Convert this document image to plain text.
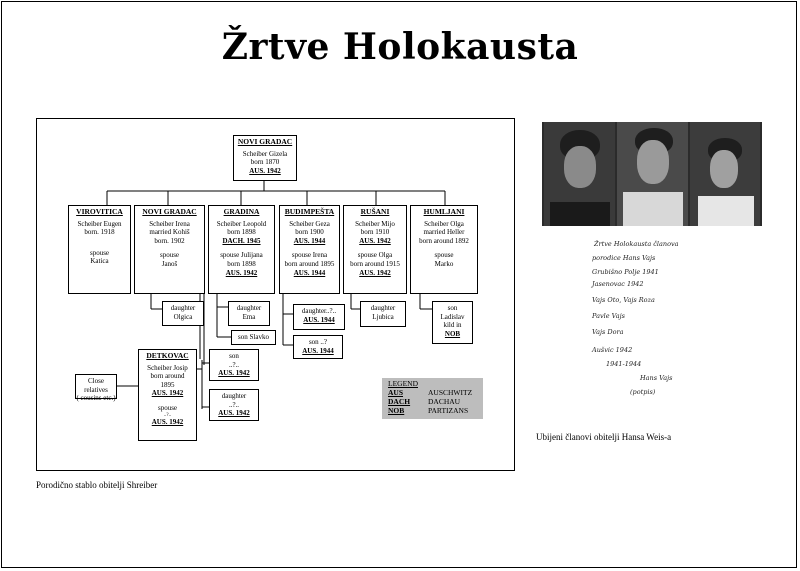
Žrtve Holokausta
NOVI GRADAC
Scheiber Gizela
born 1870
AUS. 1942
VIROVITICA
Scheiber Eugen
born. 1918
spouse
Katica
NOVI GRADAC
Scheiber Irena
married Kohiš
born. 1902
spouse
Janoš
GRADINA
Scheiber Leopold
born 1898
DACH. 1945
spouse Julijana
born 1898
AUS. 1942
BUDIMPEŠTA
Scheiber Geza
born 1900
AUS. 1944
spouse Irena
born around 1895
AUS. 1944
RUŠANI
Scheiber Mijo
born 1910
AUS. 1942
spouse Olga
born around 1915
AUS. 1942
HUMLJANI
Scheiber Olga
married Heller
born around 1892
spouse
Marko
daughter
Olgica
daughter
Ema
son Slavko
daughter..?..
AUS. 1944
son ..?
AUS. 1944
daughter
Ljubica
son
Ladislav
kild in
NOB
Close relatives
( cousins etc.)
DETKOVAC
Scheiber Josip
born around
1895
AUS. 1942
spouse
..?..
AUS. 1942
son
..?..
AUS. 1942
daughter
..?..
AUS. 1942
LEGEND
AUS	AUSCHWITZ
DACH DACHAU
NOB	PARTIZANS
Porodično stablo obitelji Shreiber
Žrtve Holokausta članova
porodice Hans Vajs
Grubišno Polje 1941
Jasenovac 1942
Vajs Oto, Vajs Roza
Pavle Vajs
Vajs Dora
Aušvic 1942
1941-1944
Hans Vajs
(potpis)
Ubijeni članovi obitelji Hansa Weis-a
